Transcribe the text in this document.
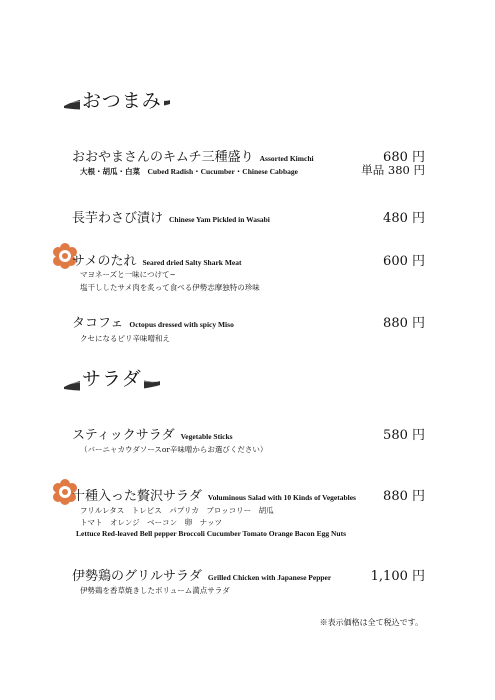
おつまみ
おおやまさんのキムチ三種盛り Assorted Kimchi	680 円
大根・胡瓜・白菜　Cubed Radish・Cucumber・Chinese Cabbage	単品 380 円
長芋わさび漬け Chinese Yam Pickled in Wasabi	480 円
サメのたれ Seared dried Salty Shark Meat	600 円
マヨネーズと一味につけて~
塩干ししたサメ肉を炙って食べる伊勢志摩独特の珍味
タコフェ Octopus dressed with spicy Miso	880 円
クセになるピリ辛味噌和え
サラダ
スティックサラダ Vegetable Sticks	580 円
（バーニャカウダソースor辛味噌からお選びください）
十種入った贅沢サラダ Voluminous Salad with 10 Kinds of Vegetables 880 円
フリルレタス　トレビス　パプリカ　ブロッコリー　胡瓜
トマト　オレンジ　ベーコン　卵　ナッツ
Lettuce Red-leaved Bell pepper Broccoli Cucumber Tomato Orange Bacon Egg Nuts
伊勢鶏のグリルサラダ Grilled Chicken with Japanese Pepper	1,100 円
伊勢鶏を香草焼きしたボリューム満点サラダ
※表示価格は全て税込です。
